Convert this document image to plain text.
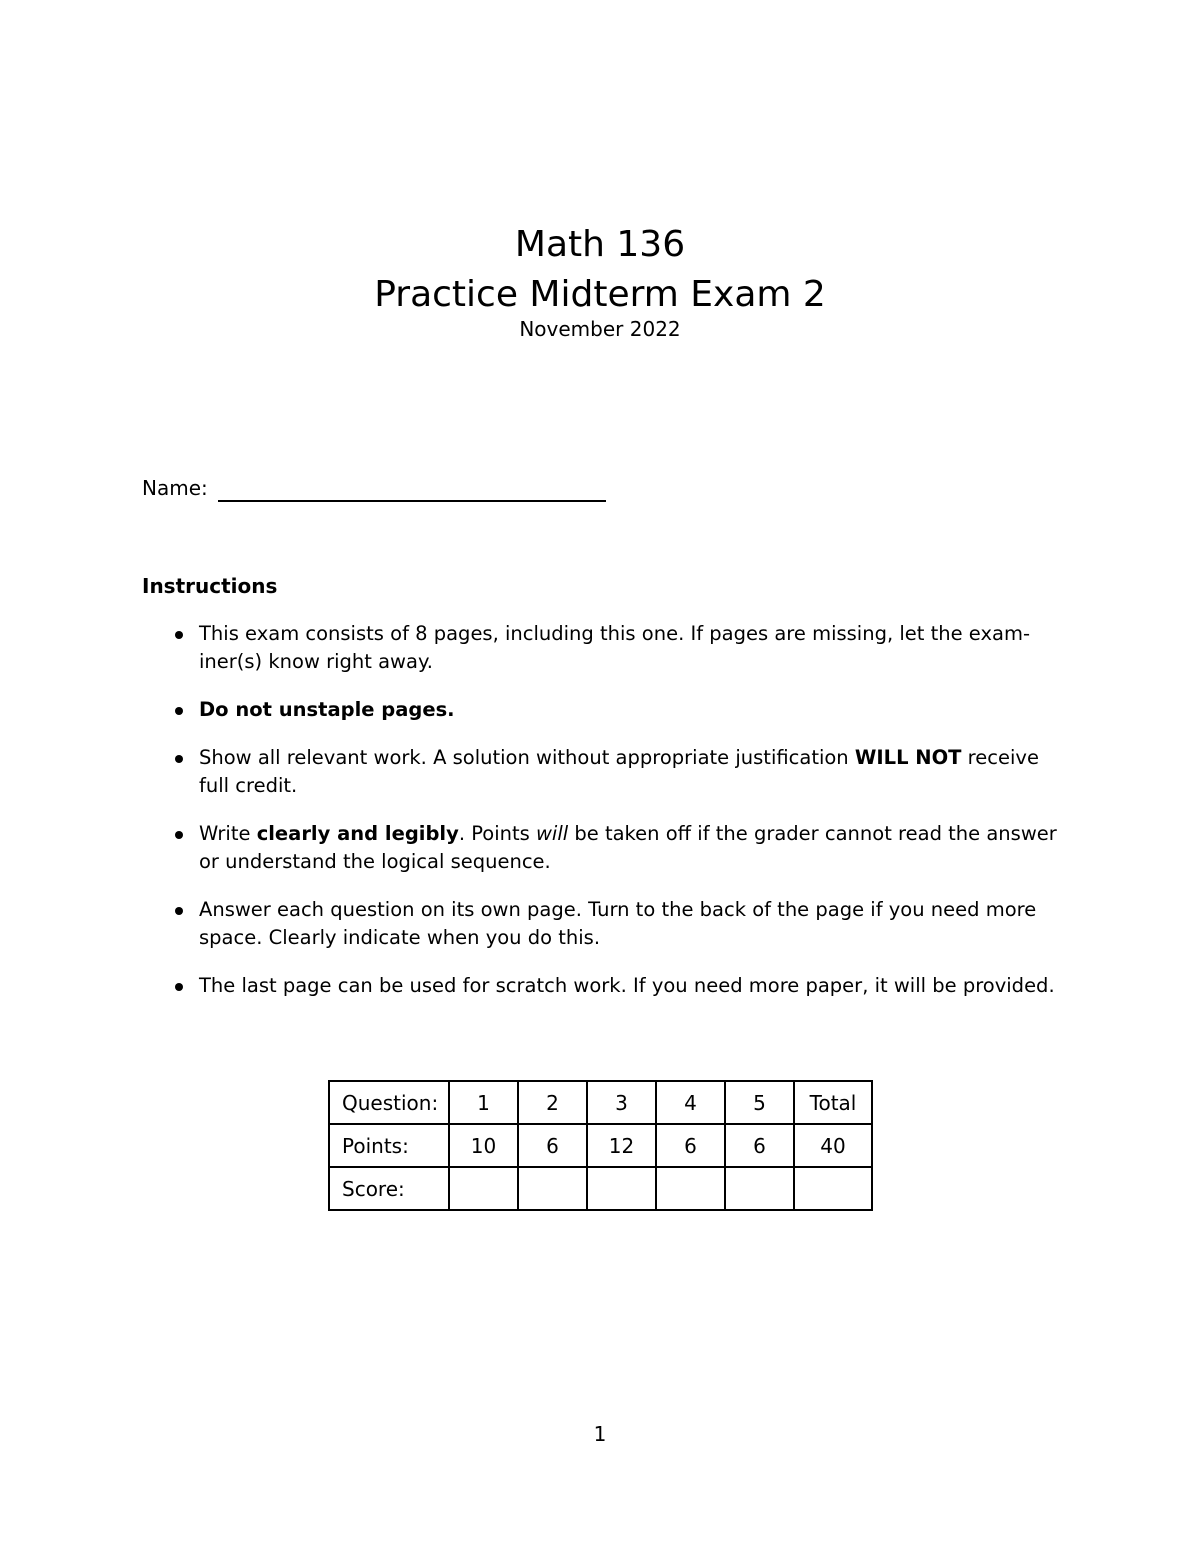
Math 136
Practice Midterm Exam 2
November 2022
Name:
Instructions
This exam consists of 8 pages, including this one. If pages are missing, let the exam-iner(s) know right away.
Do not unstaple pages.
Show all relevant work. A solution without appropriate justification WILL NOT receive full credit.
Write clearly and legibly. Points will be taken off if the grader cannot read the answer or understand the logical sequence.
Answer each question on its own page. Turn to the back of the page if you need more space. Clearly indicate when you do this.
The last page can be used for scratch work. If you need more paper, it will be provided.
Question:	1	2	3	4	5	Total
Points:	10	6	12	6	6	40
Score:						
1
